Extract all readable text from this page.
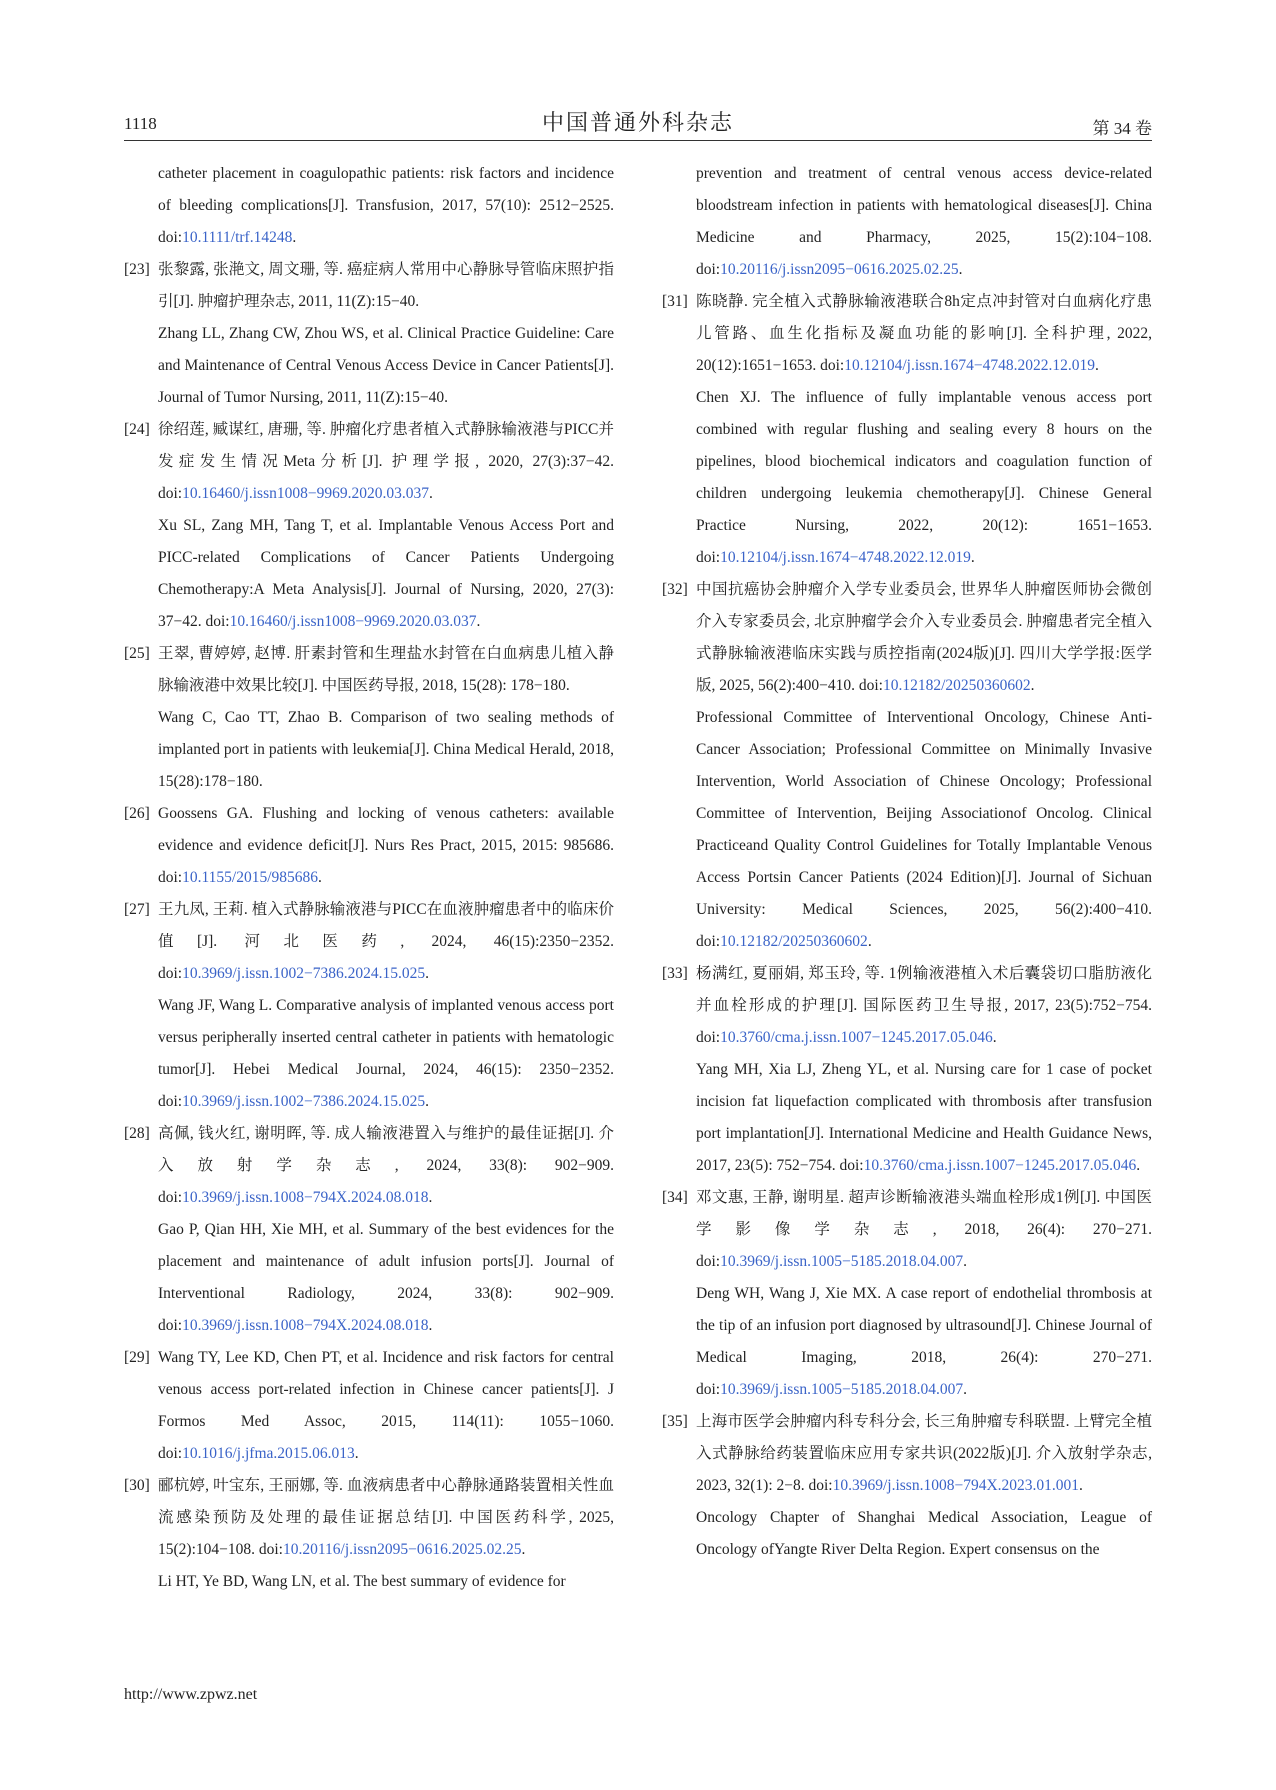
1118	中国普通外科杂志	第 34 卷

catheter placement in coagulopathic patients: risk factors and incidence of bleeding complications[J]. Transfusion, 2017, 57(10): 2512−2525. doi:10.1111/trf.14248.

[23] 张黎露, 张滟文, 周文珊, 等. 癌症病人常用中心静脉导管临床照护指引[J]. 肿瘤护理杂志, 2011, 11(Z):15−40.

Zhang LL, Zhang CW, Zhou WS, et al. Clinical Practice Guideline: Care and Maintenance of Central Venous Access Device in Cancer Patients[J]. Journal of Tumor Nursing, 2011, 11(Z):15−40.

[24] 徐绍莲, 臧谋红, 唐珊, 等. 肿瘤化疗患者植入式静脉输液港与PICC并发症发生情况Meta分析[J]. 护理学报, 2020, 27(3):37−42. doi:10.16460/j.issn1008−9969.2020.03.037.

Xu SL, Zang MH, Tang T, et al. Implantable Venous Access Port and PICC-related Complications of Cancer Patients Undergoing Chemotherapy:A Meta Analysis[J]. Journal of Nursing, 2020, 27(3): 37−42. doi:10.16460/j.issn1008−9969.2020.03.037.

[25] 王翠, 曹婷婷, 赵博. 肝素封管和生理盐水封管在白血病患儿植入静脉输液港中效果比较[J]. 中国医药导报, 2018, 15(28): 178−180.

Wang C, Cao TT, Zhao B. Comparison of two sealing methods of implanted port in patients with leukemia[J]. China Medical Herald, 2018, 15(28):178−180.

[26] Goossens GA. Flushing and locking of venous catheters: available evidence and evidence deficit[J]. Nurs Res Pract, 2015, 2015: 985686. doi:10.1155/2015/985686.

[27] 王九凤, 王莉. 植入式静脉输液港与PICC在血液肿瘤患者中的临床价值[J]. 河北医药, 2024, 46(15):2350−2352. doi:10.3969/j.issn.1002−7386.2024.15.025.

Wang JF, Wang L. Comparative analysis of implanted venous access port versus peripherally inserted central catheter in patients with hematologic tumor[J]. Hebei Medical Journal, 2024, 46(15): 2350−2352. doi:10.3969/j.issn.1002−7386.2024.15.025.

[28] 高佩, 钱火红, 谢明晖, 等. 成人输液港置入与维护的最佳证据[J]. 介入放射学杂志, 2024, 33(8): 902−909. doi:10.3969/j.issn.1008−794X.2024.08.018.

Gao P, Qian HH, Xie MH, et al. Summary of the best evidences for the placement and maintenance of adult infusion ports[J]. Journal of Interventional Radiology, 2024, 33(8): 902−909. doi:10.3969/j.issn.1008−794X.2024.08.018.

[29] Wang TY, Lee KD, Chen PT, et al. Incidence and risk factors for central venous access port-related infection in Chinese cancer patients[J]. J Formos Med Assoc, 2015, 114(11): 1055−1060. doi:10.1016/j.jfma.2015.06.013.

[30] 郦杭婷, 叶宝东, 王丽娜, 等. 血液病患者中心静脉通路装置相关性血流感染预防及处理的最佳证据总结[J]. 中国医药科学, 2025, 15(2):104−108. doi:10.20116/j.issn2095−0616.2025.02.25.

Li HT, Ye BD, Wang LN, et al. The best summary of evidence for

prevention and treatment of central venous access device-related bloodstream infection in patients with hematological diseases[J]. China Medicine and Pharmacy, 2025, 15(2):104−108. doi:10.20116/j.issn2095−0616.2025.02.25.

[31] 陈晓静. 完全植入式静脉输液港联合8h定点冲封管对白血病化疗患儿管路、血生化指标及凝血功能的影响[J]. 全科护理, 2022, 20(12):1651−1653. doi:10.12104/j.issn.1674−4748.2022.12.019.

Chen XJ. The influence of fully implantable venous access port combined with regular flushing and sealing every 8 hours on the pipelines, blood biochemical indicators and coagulation function of children undergoing leukemia chemotherapy[J]. Chinese General Practice Nursing, 2022, 20(12): 1651−1653. doi:10.12104/j.issn.1674−4748.2022.12.019.

[32] 中国抗癌协会肿瘤介入学专业委员会, 世界华人肿瘤医师协会微创介入专家委员会, 北京肿瘤学会介入专业委员会. 肿瘤患者完全植入式静脉输液港临床实践与质控指南(2024版)[J]. 四川大学学报:医学版, 2025, 56(2):400−410. doi:10.12182/20250360602.

Professional Committee of Interventional Oncology, Chinese Anti-Cancer Association; Professional Committee on Minimally Invasive Intervention, World Association of Chinese Oncology; Professional Committee of Intervention, Beijing Associationof Oncolog. Clinical Practiceand Quality Control Guidelines for Totally Implantable Venous Access Portsin Cancer Patients (2024 Edition)[J]. Journal of Sichuan University: Medical Sciences, 2025, 56(2):400−410. doi:10.12182/20250360602.

[33] 杨满红, 夏丽娟, 郑玉玲, 等. 1例输液港植入术后囊袋切口脂肪液化并血栓形成的护理[J]. 国际医药卫生导报, 2017, 23(5):752−754. doi:10.3760/cma.j.issn.1007−1245.2017.05.046.

Yang MH, Xia LJ, Zheng YL, et al. Nursing care for 1 case of pocket incision fat liquefaction complicated with thrombosis after transfusion port implantation[J]. International Medicine and Health Guidance News, 2017, 23(5): 752−754. doi:10.3760/cma.j.issn.1007−1245.2017.05.046.

[34] 邓文惠, 王静, 谢明星. 超声诊断输液港头端血栓形成1例[J]. 中国医学影像学杂志, 2018, 26(4): 270−271. doi:10.3969/j.issn.1005−5185.2018.04.007.

Deng WH, Wang J, Xie MX. A case report of endothelial thrombosis at the tip of an infusion port diagnosed by ultrasound[J]. Chinese Journal of Medical Imaging, 2018, 26(4): 270−271. doi:10.3969/j.issn.1005−5185.2018.04.007.

[35] 上海市医学会肿瘤内科专科分会, 长三角肿瘤专科联盟. 上臂完全植入式静脉给药装置临床应用专家共识(2022版)[J]. 介入放射学杂志, 2023, 32(1): 2−8. doi:10.3969/j.issn.1008−794X.2023.01.001.

Oncology Chapter of Shanghai Medical Association, League of Oncology ofYangte River Delta Region. Expert consensus on the

http://www.zpwz.net
